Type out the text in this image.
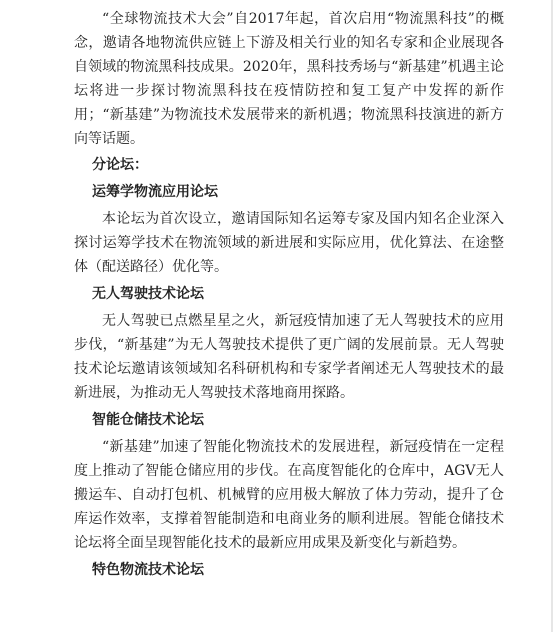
“全球物流技术大会”自2017年起，首次启用“物流黑科技”的概念，邀请各地物流供应链上下游及相关行业的知名专家和企业展现各自领域的物流黑科技成果。2020年，黑科技秀场与“新基建”机遇主论坛将进一步探讨物流黑科技在疫情防控和复工复产中发挥的新作用；“新基建”为物流技术发展带来的新机遇；物流黑科技演进的新方向等话题。

分论坛：
运筹学物流应用论坛

本论坛为首次设立，邀请国际知名运筹专家及国内知名企业深入探讨运筹学技术在物流领域的新进展和实际应用，优化算法、在途整体（配送路径）优化等。

无人驾驶技术论坛

无人驾驶已点燃星星之火，新冠疫情加速了无人驾驶技术的应用步伐，“新基建”为无人驾驶技术提供了更广阔的发展前景。无人驾驶技术论坛邀请该领域知名科研机构和专家学者阐述无人驾驶技术的最新进展，为推动无人驾驶技术落地商用探路。

智能仓储技术论坛

“新基建”加速了智能化物流技术的发展进程，新冠疫情在一定程度上推动了智能仓储应用的步伐。在高度智能化的仓库中，AGV无人搬运车、自动打包机、机械臂的应用极大解放了体力劳动，提升了仓库运作效率，支撑着智能制造和电商业务的顺利进展。智能仓储技术论坛将全面呈现智能化技术的最新应用成果及新变化与新趋势。

特色物流技术论坛
